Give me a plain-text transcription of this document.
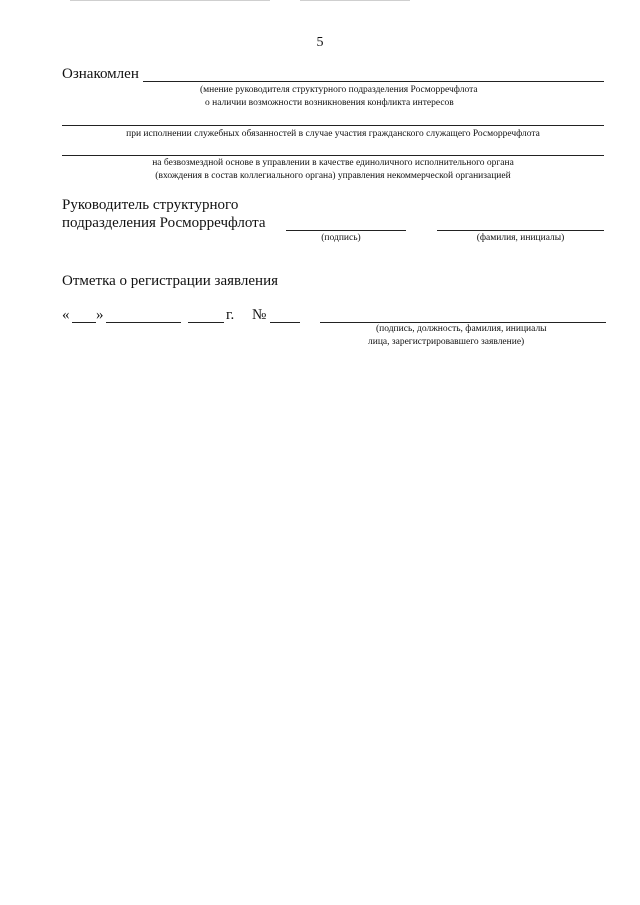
5
Ознакомлен
(мнение руководителя структурного подразделения Росморречфлота
о наличии возможности возникновения конфликта интересов
при исполнении служебных обязанностей в случае участия гражданского служащего Росморречфлота
на безвозмездной основе в управлении в качестве единоличного исполнительного органа
(вхождения в состав коллегиального органа) управления некоммерческой организацией
Руководитель структурного
подразделения Росморречфлота
(подпись)	(фамилия, инициалы)
Отметка о регистрации заявления
« »	г. №
(подпись, должность, фамилия, инициалы
лица, зарегистрировавшего заявление)
